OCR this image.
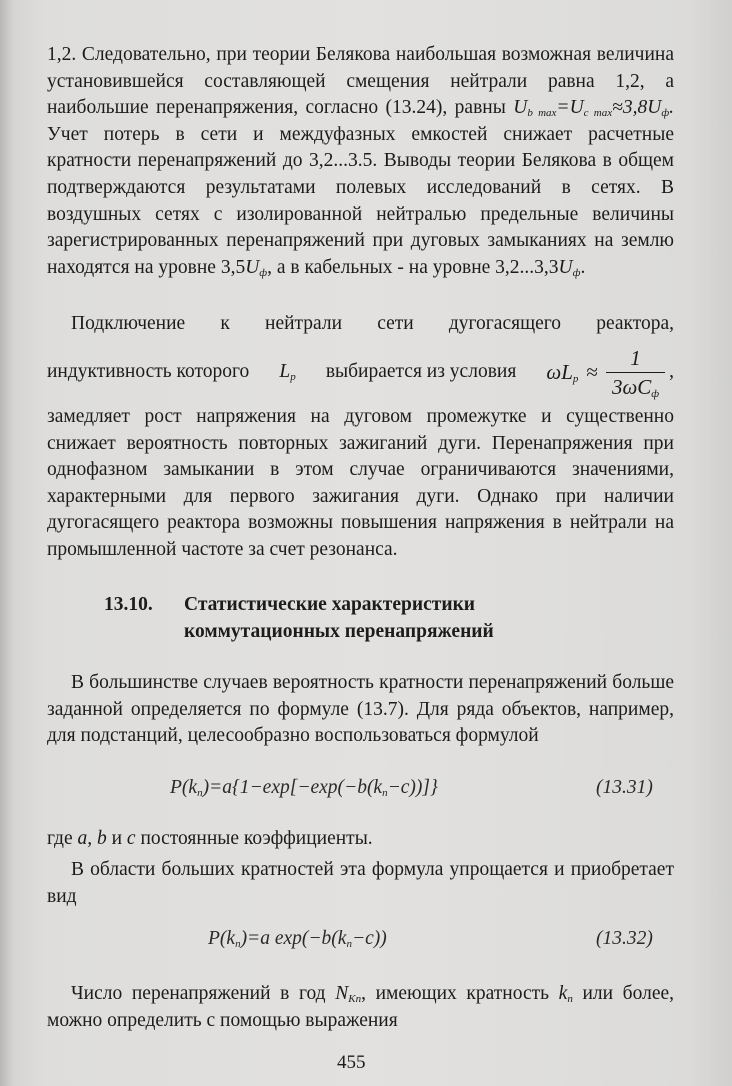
1,2. Следовательно, при теории Белякова наибольшая возможная величина установившейся составляющей смещения нейтрали равна 1,2, а наибольшие перенапряжения, согласно (13.24), равны $U_{b max}=U_{c max}\approx 3,8U_ф$. Учет потерь в сети и междуфазных емкостей снижает расчетные кратности перенапряжений до 3,2...3.5. Выводы теории Белякова в общем подтверждаются результатами полевых исследований в сетях. В воздушных сетях с изолированной нейтралью предельные величины зарегистрированных перенапряжений при дуговых замыканиях на землю находятся на уровне $3,5U_ф$, а в кабельных - на уровне $3,2...3,3U_ф$.
Подключение к нейтрали сети дугогасящего реактора,
индуктивность которого $L_p$ выбирается из условия $\omega L_p \approx \frac{1}{3\omega C_ф}$ ,
замедляет рост напряжения на дуговом промежутке и существенно снижает вероятность повторных зажиганий дуги. Перенапряжения при однофазном замыкании в этом случае ограничиваются значениями, характерными для первого зажигания дуги. Однако при наличии дугогасящего реактора возможны повышения напряжения в нейтрали на промышленной частоте за счет резонанса.
13.10. Статистические характеристики
коммутационных перенапряжений
В большинстве случаев вероятность кратности перенапряжений больше заданной определяется по формуле (13.7). Для ряда объектов, например, для подстанций, целесообразно воспользоваться формулой
$P(k_n)=a\{1-\exp[-\exp(-b(k_n-c))]\}$	(13.31)
где a, b и c постоянные коэффициенты.
В области больших кратностей эта формула упрощается и приобретает вид
$P(k_n)=a$ $\exp(-b(k_n-c))$	(13.32)
Число перенапряжений в год $N_{Kn}$, имеющих кратность $k_n$ или более, можно определить с помощью выражения
455
